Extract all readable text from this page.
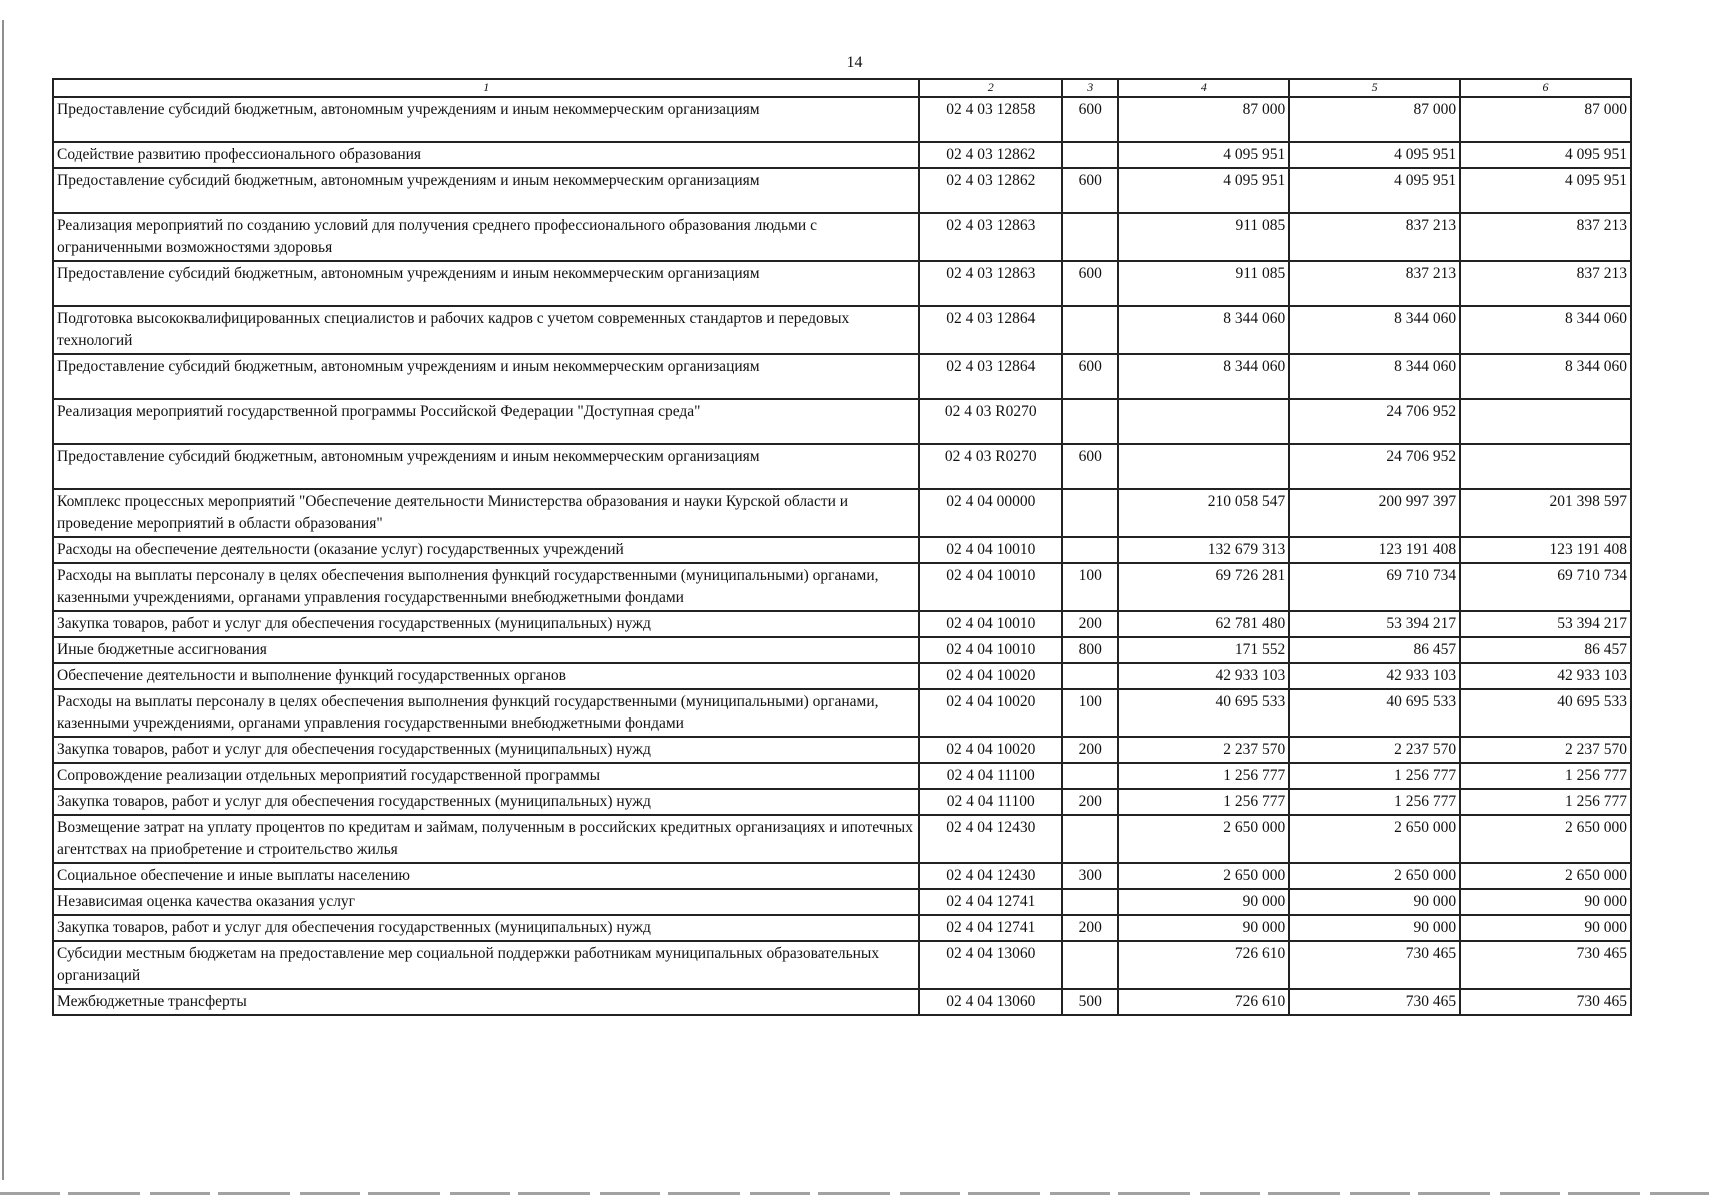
14
1	2	3	4	5	6
Предоставление субсидий бюджетным, автономным учреждениям и иным некоммерческим организациям	02 4 03 12858	600	87 000	87 000	87 000
Содействие развитию профессионального образования	02 4 03 12862		4 095 951	4 095 951	4 095 951
Предоставление субсидий бюджетным, автономным учреждениям и иным некоммерческим организациям	02 4 03 12862	600	4 095 951	4 095 951	4 095 951
Реализация мероприятий по созданию условий для получения среднего профессионального образования людьми с ограниченными возможностями здоровья	02 4 03 12863		911 085	837 213	837 213
Предоставление субсидий бюджетным, автономным учреждениям и иным некоммерческим организациям	02 4 03 12863	600	911 085	837 213	837 213
Подготовка высококвалифицированных специалистов и рабочих кадров с учетом современных стандартов и передовых технологий	02 4 03 12864		8 344 060	8 344 060	8 344 060
Предоставление субсидий бюджетным, автономным учреждениям и иным некоммерческим организациям	02 4 03 12864	600	8 344 060	8 344 060	8 344 060
Реализация мероприятий государственной программы Российской Федерации "Доступная среда"	02 4 03 R0270			24 706 952	
Предоставление субсидий бюджетным, автономным учреждениям и иным некоммерческим организациям	02 4 03 R0270	600		24 706 952	
Комплекс процессных мероприятий "Обеспечение деятельности Министерства образования и науки Курской области и проведение мероприятий в области образования"	02 4 04 00000		210 058 547	200 997 397	201 398 597
Расходы на обеспечение деятельности (оказание услуг) государственных учреждений	02 4 04 10010		132 679 313	123 191 408	123 191 408
Расходы на выплаты персоналу в целях обеспечения выполнения функций государственными (муниципальными) органами, казенными учреждениями, органами управления государственными внебюджетными фондами	02 4 04 10010	100	69 726 281	69 710 734	69 710 734
Закупка товаров, работ и услуг для обеспечения государственных (муниципальных) нужд	02 4 04 10010	200	62 781 480	53 394 217	53 394 217
Иные бюджетные ассигнования	02 4 04 10010	800	171 552	86 457	86 457
Обеспечение деятельности и выполнение функций государственных органов	02 4 04 10020		42 933 103	42 933 103	42 933 103
Расходы на выплаты персоналу в целях обеспечения выполнения функций государственными (муниципальными) органами, казенными учреждениями, органами управления государственными внебюджетными фондами	02 4 04 10020	100	40 695 533	40 695 533	40 695 533
Закупка товаров, работ и услуг для обеспечения государственных (муниципальных) нужд	02 4 04 10020	200	2 237 570	2 237 570	2 237 570
Сопровождение реализации отдельных мероприятий государственной программы	02 4 04 11100		1 256 777	1 256 777	1 256 777
Закупка товаров, работ и услуг для обеспечения государственных (муниципальных) нужд	02 4 04 11100	200	1 256 777	1 256 777	1 256 777
Возмещение затрат на уплату процентов по кредитам и займам, полученным в российских кредитных организациях и ипотечных агентствах на приобретение и строительство жилья	02 4 04 12430		2 650 000	2 650 000	2 650 000
Социальное обеспечение и иные выплаты населению	02 4 04 12430	300	2 650 000	2 650 000	2 650 000
Независимая оценка качества оказания услуг	02 4 04 12741		90 000	90 000	90 000
Закупка товаров, работ и услуг для обеспечения государственных (муниципальных) нужд	02 4 04 12741	200	90 000	90 000	90 000
Субсидии местным бюджетам на предоставление мер социальной поддержки работникам муниципальных образовательных организаций	02 4 04 13060		726 610	730 465	730 465
Межбюджетные трансферты	02 4 04 13060	500	726 610	730 465	730 465
